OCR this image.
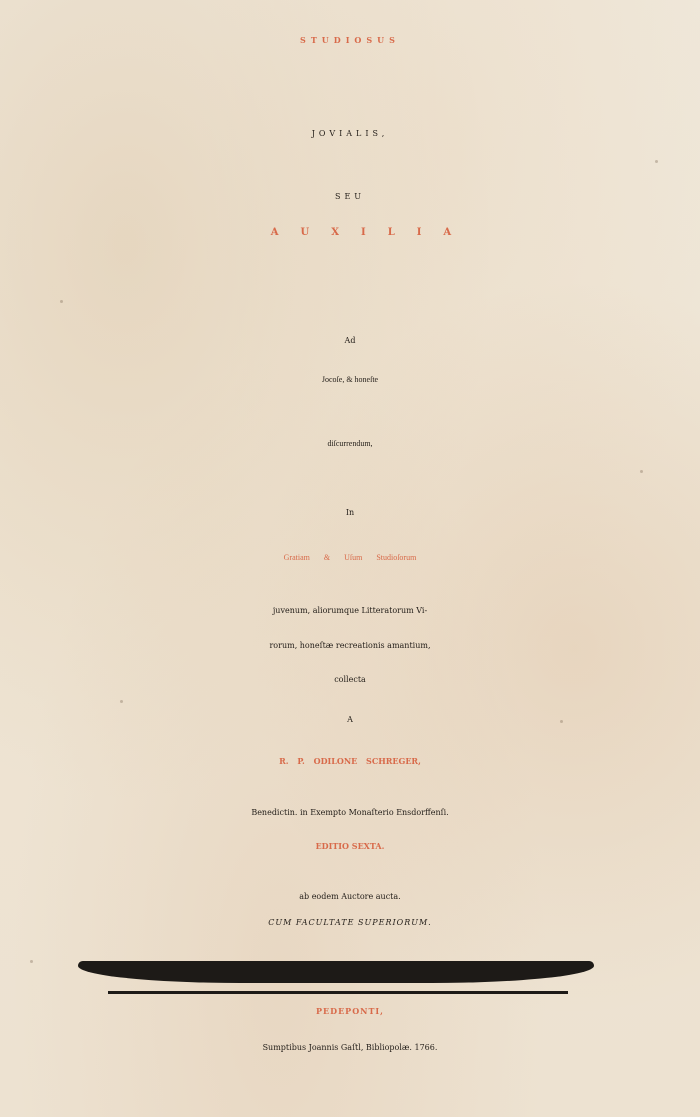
STUDIOSUS
JOVIALIS,
SEU
AUXILIA
Ad
Jocoſe, & honeſte
diſcurrendum,
In
Gratiam & Uſum Studioſorum
juvenum, aliorumque Litteratorum Vi-
rorum, honeſtæ recreationis amantium,
collecta
A
R. P. ODILONE SCHREGER,
Benedictin. in Exempto Monaſterio Ensdorffenſi.
EDITIO SEXTA.
ab eodem Auctore aucta.
CUM FACULTATE SUPERIORUM.
PEDEPONTI,
Sumptibus Joannis Gaſtl, Bibliopolæ. 1766.
